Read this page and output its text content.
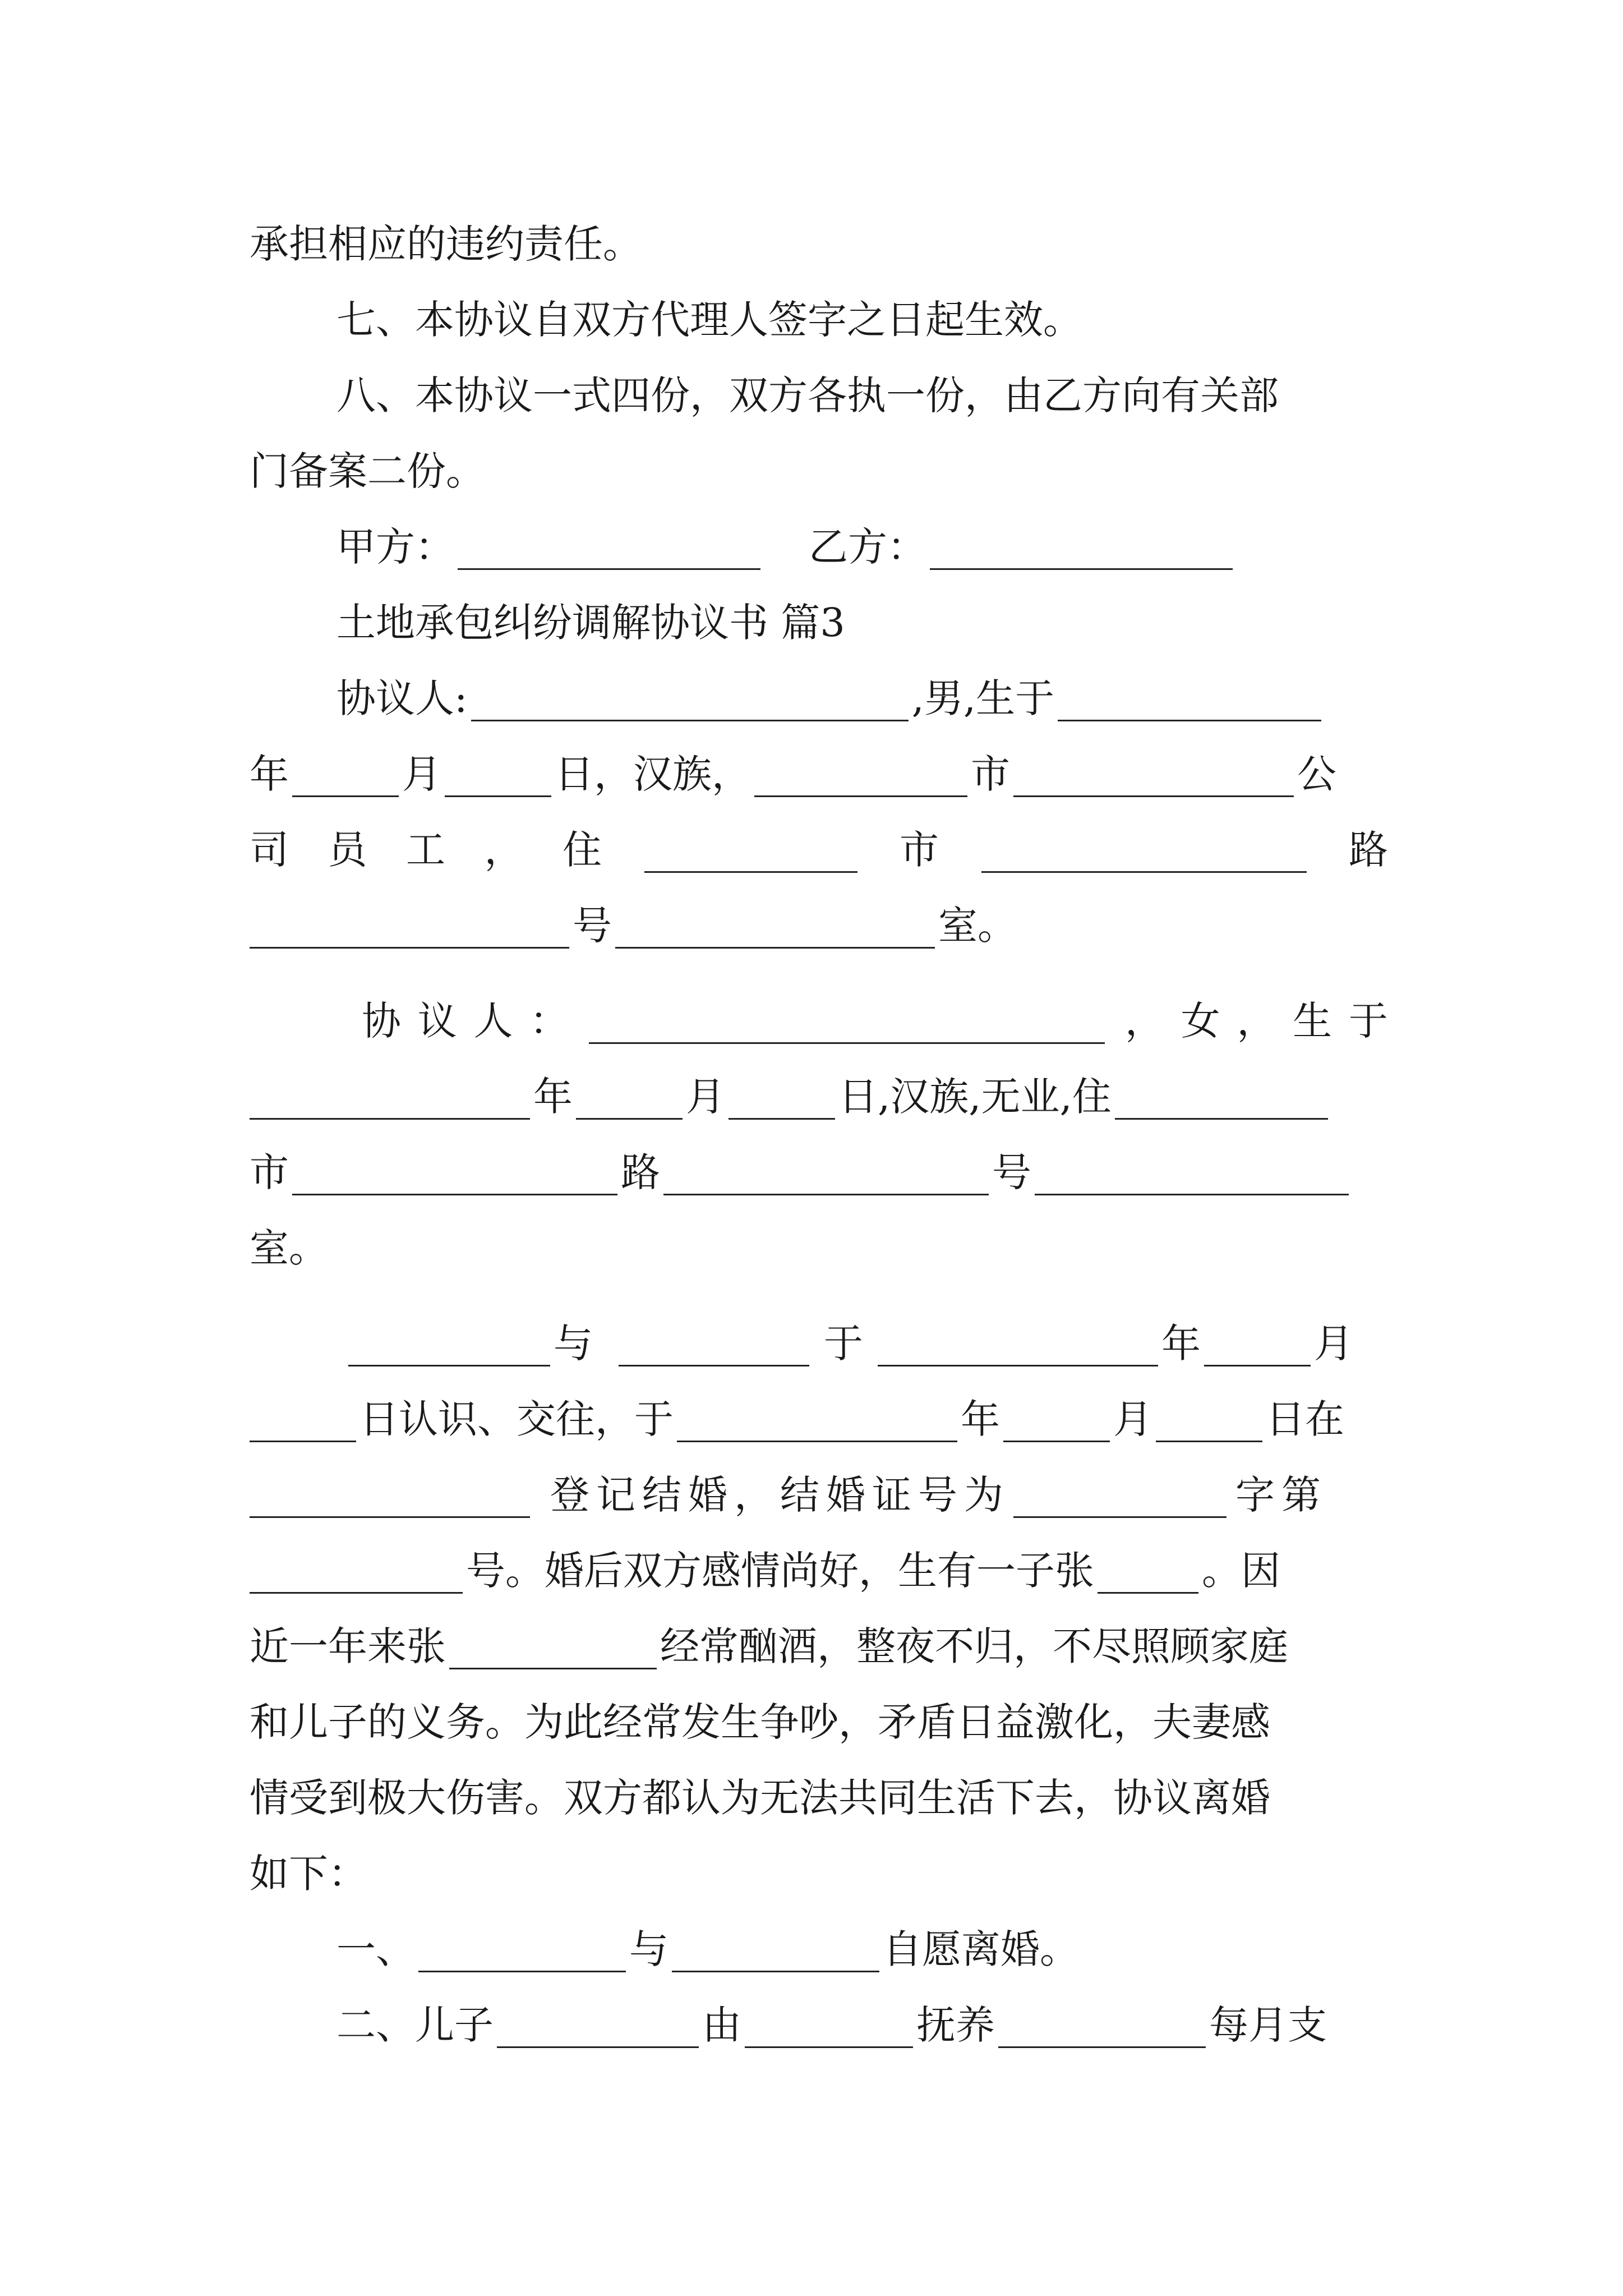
承担相应的违约责任。
七、本协议自双方代理人签字之日起生效。
八、本协议一式四份，双方各执一份，由乙方向有关部
门备案二份。
甲方：	乙方：
土地承包纠纷调解协议书 篇3
协议人:	,男,生于
年	月	日，汉族，	市	公
司 员 工 ， 住	市	路
号	室。
协 议 人 ：	， 女 ， 生 于
年	月	日,汉族,无业,住
市	路	号
室。
与	于	年	月
日认识、交往，于	年	月	日在
登记结婚，结婚证号为	字第
号。婚后双方感情尚好，生有一子张	。因
近一年来张	经常酗酒，整夜不归，不尽照顾家庭
和儿子的义务。为此经常发生争吵，矛盾日益激化，夫妻感
情受到极大伤害。双方都认为无法共同生活下去，协议离婚
如下：
一、	与	自愿离婚。
二、儿子	由	抚养	每月支
